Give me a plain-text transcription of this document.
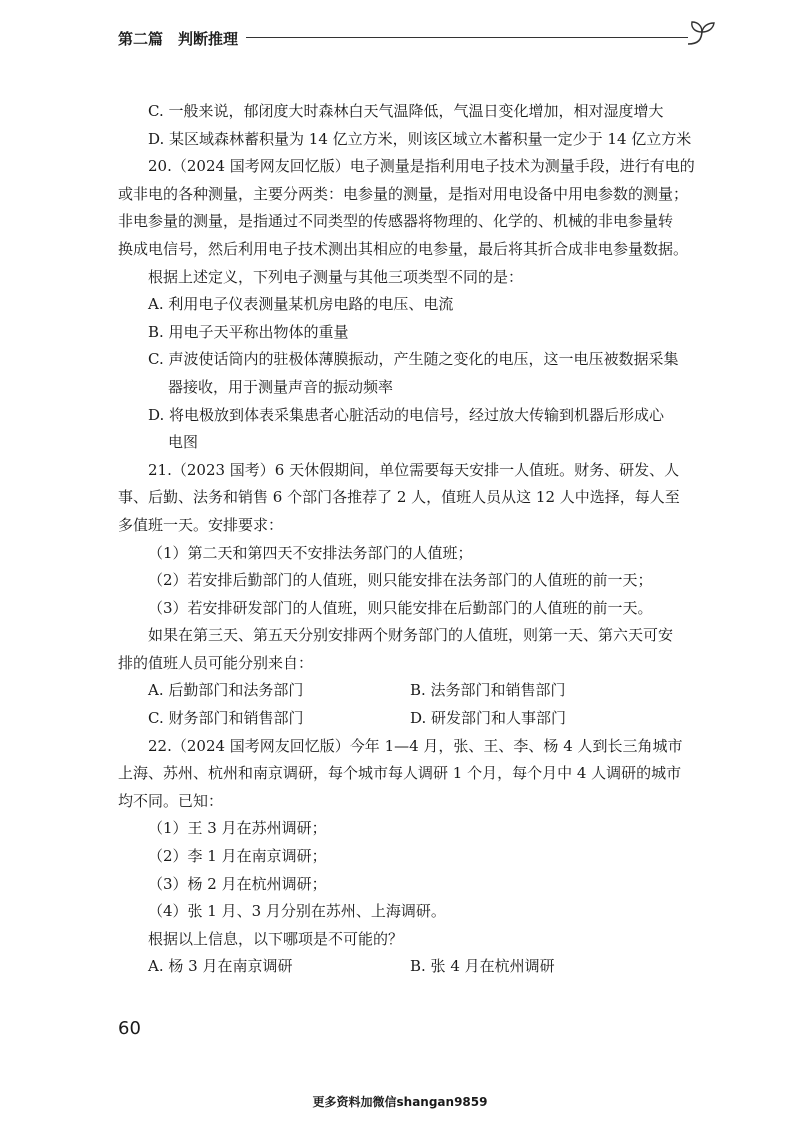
第二篇　判断推理
C. 一般来说，郁闭度大时森林白天气温降低，气温日变化增加，相对湿度增大
D. 某区域森林蓄积量为 14 亿立方米，则该区域立木蓄积量一定少于 14 亿立方米
20.（2024 国考网友回忆版）电子测量是指利用电子技术为测量手段，进行有电的
或非电的各种测量，主要分两类：电参量的测量，是指对用电设备中用电参数的测量；
非电参量的测量，是指通过不同类型的传感器将物理的、化学的、机械的非电参量转
换成电信号，然后利用电子技术测出其相应的电参量，最后将其折合成非电参量数据。
根据上述定义，下列电子测量与其他三项类型不同的是：
A. 利用电子仪表测量某机房电路的电压、电流
B. 用电子天平称出物体的重量
C. 声波使话筒内的驻极体薄膜振动，产生随之变化的电压，这一电压被数据采集
器接收，用于测量声音的振动频率
D. 将电极放到体表采集患者心脏活动的电信号，经过放大传输到机器后形成心
电图
21.（2023 国考）6 天休假期间，单位需要每天安排一人值班。财务、研发、人
事、后勤、法务和销售 6 个部门各推荐了 2 人，值班人员从这 12 人中选择，每人至
多值班一天。安排要求：
（1）第二天和第四天不安排法务部门的人值班；
（2）若安排后勤部门的人值班，则只能安排在法务部门的人值班的前一天；
（3）若安排研发部门的人值班，则只能安排在后勤部门的人值班的前一天。
如果在第三天、第五天分别安排两个财务部门的人值班，则第一天、第六天可安
排的值班人员可能分别来自：
A. 后勤部门和法务部门	B. 法务部门和销售部门
C. 财务部门和销售部门	D. 研发部门和人事部门
22.（2024 国考网友回忆版）今年 1—4 月，张、王、李、杨 4 人到长三角城市
上海、苏州、杭州和南京调研，每个城市每人调研 1 个月，每个月中 4 人调研的城市
均不同。已知：
（1）王 3 月在苏州调研；
（2）李 1 月在南京调研；
（3）杨 2 月在杭州调研；
（4）张 1 月、3 月分别在苏州、上海调研。
根据以上信息，以下哪项是不可能的？
A. 杨 3 月在南京调研	B. 张 4 月在杭州调研
60
更多资料加微信shangan9859
